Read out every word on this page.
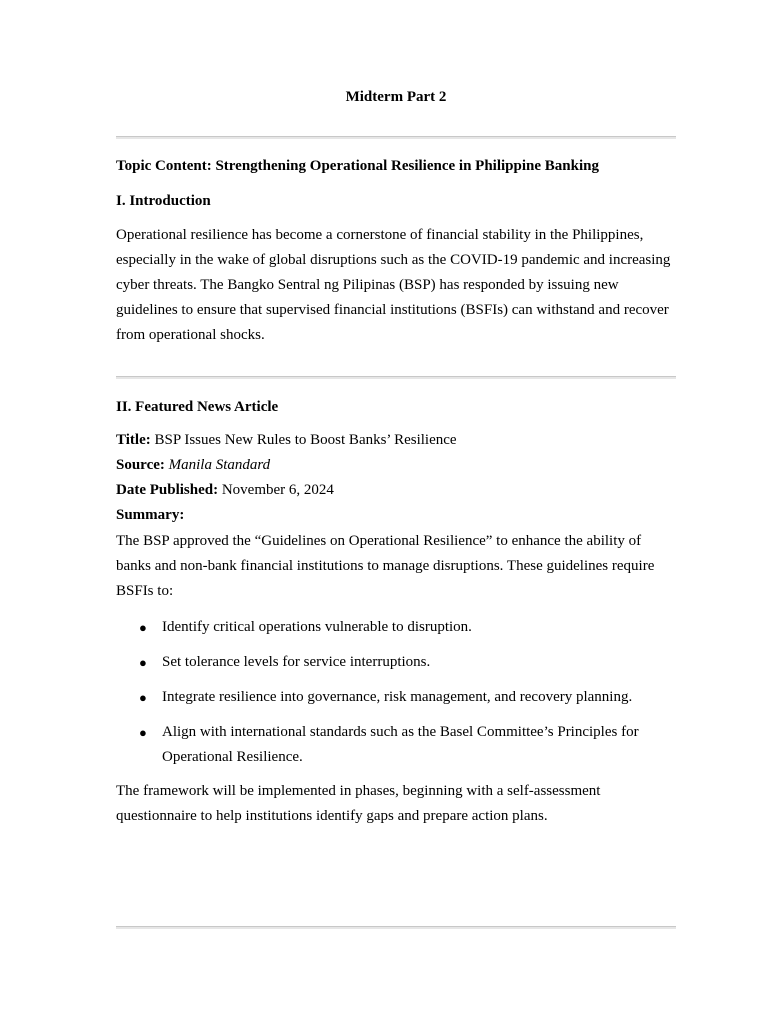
Midterm Part 2
Topic Content: Strengthening Operational Resilience in Philippine Banking
I. Introduction
Operational resilience has become a cornerstone of financial stability in the Philippines, especially in the wake of global disruptions such as the COVID-19 pandemic and increasing cyber threats. The Bangko Sentral ng Pilipinas (BSP) has responded by issuing new guidelines to ensure that supervised financial institutions (BSFIs) can withstand and recover from operational shocks.
II. Featured News Article
Title: BSP Issues New Rules to Boost Banks’ Resilience
Source: Manila Standard
Date Published: November 6, 2024
Summary:
The BSP approved the “Guidelines on Operational Resilience” to enhance the ability of banks and non-bank financial institutions to manage disruptions. These guidelines require BSFIs to:
● Identify critical operations vulnerable to disruption.
● Set tolerance levels for service interruptions.
● Integrate resilience into governance, risk management, and recovery planning.
● Align with international standards such as the Basel Committee’s Principles for Operational Resilience.
The framework will be implemented in phases, beginning with a self-assessment questionnaire to help institutions identify gaps and prepare action plans.
